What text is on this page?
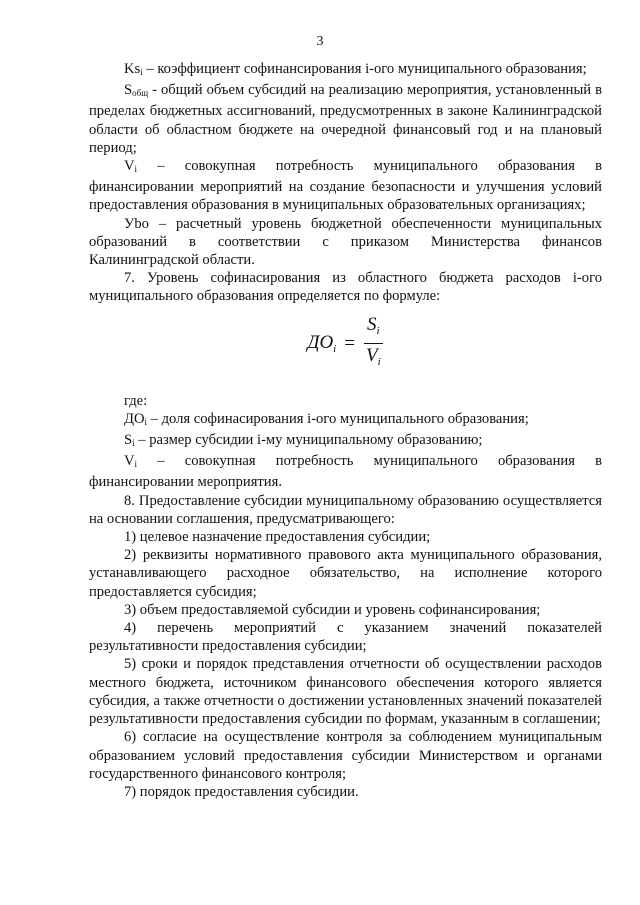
3

$Ks_i$ – коэффициент софинансирования i-ого муниципального образования;

$S_{общ}$ - общий объем субсидий на реализацию мероприятия, установленный в пределах бюджетных ассигнований, предусмотренных в законе Калининградской области об областном бюджете на очередной финансовый год и на плановый период;

$V_i$ – совокупная потребность муниципального образования в финансировании мероприятий на создание безопасности и улучшения условий предоставления образования в муниципальных образовательных организациях;

Уbo – расчетный уровень бюджетной обеспеченности муниципальных образований в соответствии с приказом Министерства финансов Калининградской области.

7. Уровень софинасирования из областного бюджета расходов i-ого муниципального образования определяется по формуле:

$ДО_i = \frac{S_i}{V_i}$

где:

$ДО_i$ – доля софинасирования i-ого муниципального образования;

$S_i$ – размер субсидии i-му муниципальному образованию;

$V_i$ – совокупная потребность муниципального образования в финансировании мероприятия.

8. Предоставление субсидии муниципальному образованию осуществляется на основании соглашения, предусматривающего:

1) целевое назначение предоставления субсидии;

2) реквизиты нормативного правового акта муниципального образования, устанавливающего расходное обязательство, на исполнение которого предоставляется субсидия;

3) объем предоставляемой субсидии и уровень софинансирования;

4) перечень мероприятий с указанием значений показателей результативности предоставления субсидии;

5) сроки и порядок представления отчетности об осуществлении расходов местного бюджета, источником финансового обеспечения которого является субсидия, а также отчетности о достижении установленных значений показателей результативности предоставления субсидии по формам, указанным в соглашении;

6) согласие на осуществление контроля за соблюдением муниципальным образованием условий предоставления субсидии Министерством и органами государственного финансового контроля;

7) порядок предоставления субсидии.
